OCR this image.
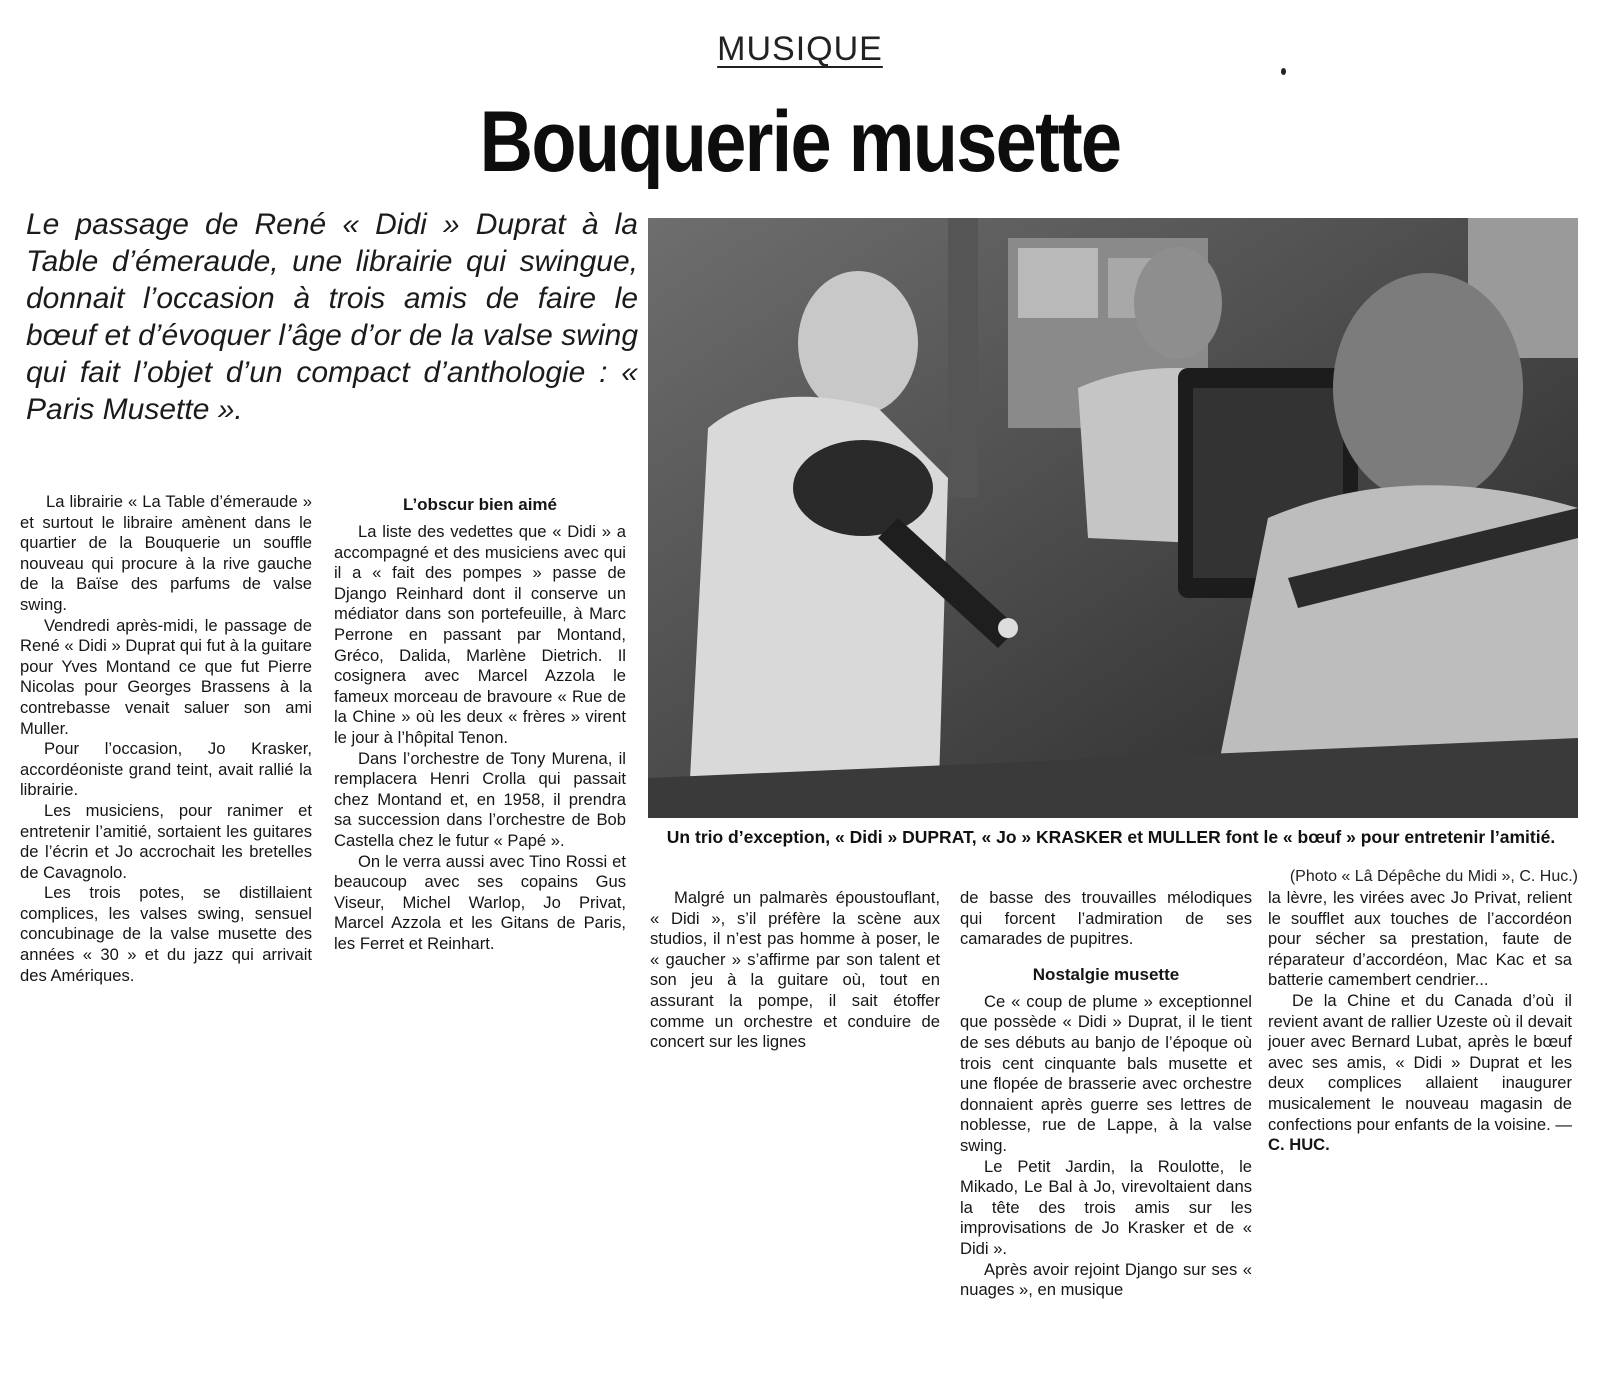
MUSIQUE
Bouquerie musette
Le passage de René « Didi » Duprat à la Table d’émeraude, une librairie qui swingue, donnait l’occasion à trois amis de faire le bœuf et d’évoquer l’âge d’or de la valse swing qui fait l’objet d’un compact d’anthologie : « Paris Musette ».
Un trio d’exception, « Didi » DUPRAT, « Jo » KRASKER et MULLER font le « bœuf » pour entretenir l’amitié.
(Photo « Lâ Dépêche du Midi », C. Huc.)

La librairie « La Table d’émeraude » et surtout le libraire amènent dans le quartier de la Bouquerie un souffle nouveau qui procure à la rive gauche de la Baïse des parfums de valse swing.

Vendredi après-midi, le passage de René « Didi » Duprat qui fut à la guitare pour Yves Montand ce que fut Pierre Nicolas pour Georges Brassens à la contrebasse venait saluer son ami Muller.

Pour l’occasion, Jo Krasker, accordéoniste grand teint, avait rallié la librairie.

Les musiciens, pour ranimer et entretenir l’amitié, sortaient les guitares de l’écrin et Jo accrochait les bretelles de Cavagnolo.

Les trois potes, se distillaient complices, les valses swing, sensuel concubinage de la valse musette des années « 30 » et du jazz qui arrivait des Amériques.

L’obscur bien aimé

La liste des vedettes que « Didi » a accompagné et des musiciens avec qui il a « fait des pompes » passe de Django Reinhard dont il conserve un médiator dans son portefeuille, à Marc Perrone en passant par Montand, Gréco, Dalida, Marlène Dietrich. Il cosignera avec Marcel Azzola le fameux morceau de bravoure « Rue de la Chine » où les deux « frères » virent le jour à l’hôpital Tenon.

Dans l’orchestre de Tony Murena, il remplacera Henri Crolla qui passait chez Montand et, en 1958, il prendra sa succession dans l’orchestre de Bob Castella chez le futur « Papé ».

On le verra aussi avec Tino Rossi et beaucoup avec ses copains Gus Viseur, Michel Warlop, Jo Privat, Marcel Azzola et les Gitans de Paris, les Ferret et Reinhart.

Malgré un palmarès époustouflant, « Didi », s’il préfère la scène aux studios, il n’est pas homme à poser, le « gaucher » s’affirme par son talent et son jeu à la guitare où, tout en assurant la pompe, il sait étoffer comme un orchestre et conduire de concert sur les lignes

de basse des trouvailles mélodiques qui forcent l’admiration de ses camarades de pupitres.

Nostalgie musette

Ce « coup de plume » exceptionnel que possède « Didi » Duprat, il le tient de ses débuts au banjo de l’époque où trois cent cinquante bals musette et une flopée de brasserie avec orchestre donnaient après guerre ses lettres de noblesse, rue de Lappe, à la valse swing.

Le Petit Jardin, la Roulotte, le Mikado, Le Bal à Jo, virevoltaient dans la tête des trois amis sur les improvisations de Jo Krasker et de « Didi ».

Après avoir rejoint Django sur ses « nuages », en musique

la lèvre, les virées avec Jo Privat, relient le soufflet aux touches de l’accordéon pour sécher sa prestation, faute de réparateur d’accordéon, Mac Kac et sa batterie camembert cendrier...

De la Chine et du Canada d’où il revient avant de rallier Uzeste où il devait jouer avec Bernard Lubat, après le bœuf avec ses amis, « Didi » Duprat et les deux complices allaient inaugurer musicalement le nouveau magasin de confections pour enfants de la voisine. — C. HUC.
